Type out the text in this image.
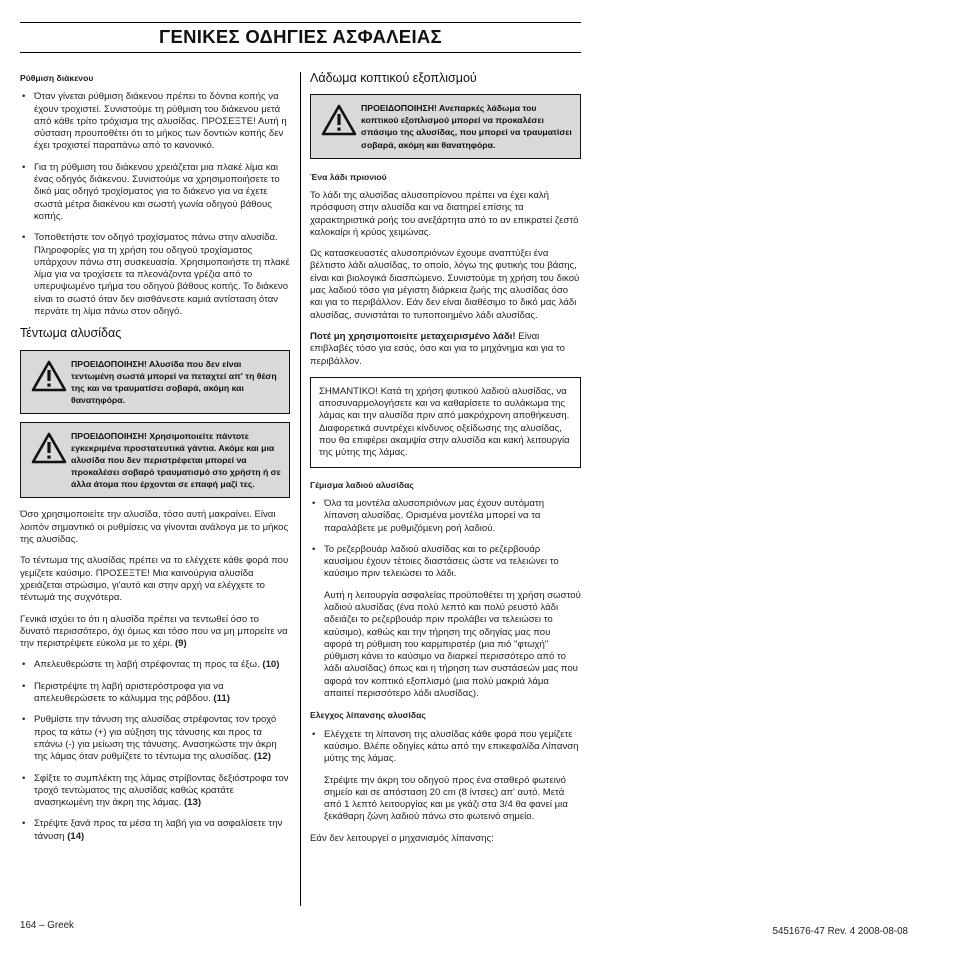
ΓΕΝΙΚΕΣ ΟΔΗΓΙΕΣ ΑΣΦΑΛΕΙΑΣ
Ρύθμιση διάκενου
• Όταν γίνεται ρύθμιση διάκενου πρέπει το δόντια κοπής να έχουν τροχιστεί. Συνιστούμε τη ρύθμιση του διάκενου μετά από κάθε τρίτο τρόχισμα της αλυσίδας. ΠΡΟΣΕΞΤΕ! Αυτή η σύσταση προυποθέτει ότι το μήκος των δοντιών κοπής δεν έχει τροχιστεί παραπάνω από το κανονικό.
• Για τη ρύθμιση του διάκενου χρειάζεται μια πλακέ λίμα και ένας οδηγός διάκενου. Συνιστούμε να χρησιμοποιήσετε το δικό μας οδηγό τροχίσματος για το διάκενο για να έχετε σωστά μέτρα διακένου και σωστή γωνία οδηγού βάθους κοπής.
• Τοποθετήστε τον οδηγό τροχίσματος πάνω στην αλυσίδα. Πληροφορίες για τη χρήση του οδηγού τροχίσματος υπάρχουν πάνω στη συσκευασία. Χρησιμοποιήστε τη πλακέ λίμα για να τροχίσετε τα πλεονάζοντα γρέζια από το υπερυψωμένο τμήμα του οδηγού βάθους κοπής. Το διάκενο είναι το σωστό όταν δεν αισθάνεστε καμιά αντίσταση όταν περνάτε τη λίμα πάνω στον οδηγό.
Τέντωμα αλυσίδας
ΠΡΟΕΙΔΟΠΟΙΗΣΗ! Αλυσίδα που δεν είναι τεντωμένη σωστά μπορεί να πεταχτεί απ' τη θέση της και να τραυματίσει σοβαρά, ακόμη και θανατηφόρα.
ΠΡΟΕΙΔΟΠΟΙΗΣΗ! Χρησιμοποιείτε πάντοτε εγκεκριμένα προστατευτικά γάντια. Ακόμε και μια αλυσίδα που δεν περιστρέφεται μπορεί να προκαλέσει σοβαρό τραυματισμό στο χρήστη ή σε άλλα άτομα που έρχονται σε επαφή μαζί τες.

Όσο χρησιμοποιείτε την αλυσίδα, τόσο αυτή μακραίνει. Είναι λοιπόν σημαντικό οι ρυθμίσεις να γίνονται ανάλογα με το μήκος της αλυσίδας.

Το τέντωμα της αλυσίδας πρέπει να το ελέγχετε κάθε φορά που γεμίζετε καύσιμο. ΠΡΟΣΕΞΤΕ! Μια καινούργια αλυσίδα χρειάζεται στρώσιμο, γι'αυτό και στην αρχή να ελέγχετε το τέντωμά της συχνότερα.

Γενικά ισχύει το ότι η αλυσίδα πρέπει να τεντωθεί όσο το δυνατό περισσότερο, όχι όμως και τόσο που να μη μπορείτε να την περιστρέψετε εύκολα με το χέρι. (9)

• Απελευθερώστε τη λαβή στρέφοντας τη προς τα έξω. (10)
• Περιστρέψτε τη λαβή αριστερόστροφα για να απελευθερώσετε το κάλυμμα της ράβδου. (11)
• Ρυθμίστε την τάνυση της αλυσίδας στρέφοντας τον τροχό προς τα κάτω (+) για αύξηση της τάνυσης και προς τα επάνω (-) για μείωση της τάνυσης. Ανασηκώστε την άκρη της λάμας όταν ρυθμίζετε το τέντωμα της αλυσίδας. (12)
• Σφίξτε το συμπλέκτη της λάμας στρίβοντας δεξιόστροφα τον τροχό τεντώματος της αλυσίδας καθώς κρατάτε ανασηκωμένη την άκρη της λάμας. (13)
• Στρέψτε ξανά προς τα μέσα τη λαβή για να ασφαλίσετε την τάνυση (14)
Λάδωμα κοπτικού εξοπλισμού
ΠΡΟΕΙΔΟΠΟΙΗΣΗ! Ανεπαρκές λάδωμα του κοπτικού εξοπλισμού μπορεί να προκαλέσει σπάσιμο της αλυσίδας, που μπορεί να τραυματίσει σοβαρά, ακόμη και θανατηφόρα.
Ένα λάδι πριονιού

Το λάδι της αλυσίδας αλυσοπρίονου πρέπει να έχει καλή πρόσφυση στην αλυσίδα και να διατηρεί επίσης τα χαρακτηριστικά ροής του ανεξάρτητα από το αν επικρατεί ζεστό καλοκαίρι ή κρύος χειμώνας.

Ως κατασκευαστές αλυσοπριόνων έχουμε αναπτύξει ένα βέλτιστο λάδι αλυσίδας, το οποίο, λόγω της φυτικής του βάσης, είναι και βιολογικά διασπώμενο. Συνιστούμε τη χρήση του δικού μας λαδιού τόσο για μέγιστη διάρκεια ζωής της αλυσίδας όσο και για το περιβάλλον. Εάν δεν είναι διαθέσιμο το δικό μας λάδι αλυσίδας, συνιστάται το τυποποιημένο λάδι αλυσίδας.

Ποτέ μη χρησιμοποιείτε μεταχειρισμένο λάδι! Είναι επιβλαβές τόσο για εσάς, όσο και για το μηχάνημα και για το περιβάλλον.

ΣΗΜΑΝΤΙΚΟ! Κατά τη χρήση φυτικού λαδιού αλυσίδας, να αποσυναρμολογήσετε και να καθαρίσετε το αυλάκωμα της λάμας και την αλυσίδα πριν από μακρόχρονη αποθήκευση. Διαφορετικά συντρέχει κίνδυνος οξείδωσης της αλυσίδας, που θα επιφέρει ακαμψία στην αλυσίδα και κακή λειτουργία της μύτης της λάμας.
Γέμισμα λαδιού αλυσίδας
• Όλα τα μοντέλα αλυσοπριόνων μας έχουν αυτόματη λίπανση αλυσίδας. Ορισμένα μοντέλα μπορεί να τα παραλάβετε με ρυθμιζόμενη ροή λαδιού.
• Το ρεζερβουάρ λαδιού αλυσίδας και το ρεζερβουάρ καυσίμου έχουν τέτοιες διαστάσεις ώστε να τελειώνει το καύσιμο πριν τελειώσει το λάδι.

Αυτή η λειτουργία ασφαλείας προϋποθέτει τη χρήση σωστού λαδιού αλυσίδας (ένα πολύ λεπτό και πολύ ρευστό λάδι αδειάζει το ρεζερβουάρ πριν προλάβει να τελειώσει το καύσιμο), καθώς και την τήρηση της οδηγίας μας που αφορά τη ρύθμιση του καρμπιρατέρ (μια πιό "φτωχή" ρύθμιση κάνει το καύσιμο να διαρκεί περισσότερο από το λάδι αλυσίδας) όπως και η τήρηση των συστάσεών μας που αφορά τον κοπτικό εξοπλισμό (μια πολύ μακριά λάμα απαιτεί περισσότερο λάδι αλυσίδας).

Ελεγχος λίπανσης αλυσίδας
• Ελέγχετε τη λίπανση της αλυσίδας κάθε φορά που γεμίζετε καύσιμο. Βλέπε οδηγίες κάτω από την επικεφαλίδα Λίπανση μύτης της λάμας.

Στρέψτε την άκρη του οδηγού προς ένα σταθερό φωτεινό σημείο και σε απόσταση 20 cm (8 ίντσες) απ' αυτό. Μετά από 1 λεπτό λειτουργίας και με γκάζι στα 3/4 θα φανεί μια ξεκάθαρη ζώνη λαδιού πάνω στο φωτεινό σημείο.

Εάν δεν λειτουργεί ο μηχανισμός λίπανσης:

164 – Greek
5451676-47 Rev. 4 2008-08-08
